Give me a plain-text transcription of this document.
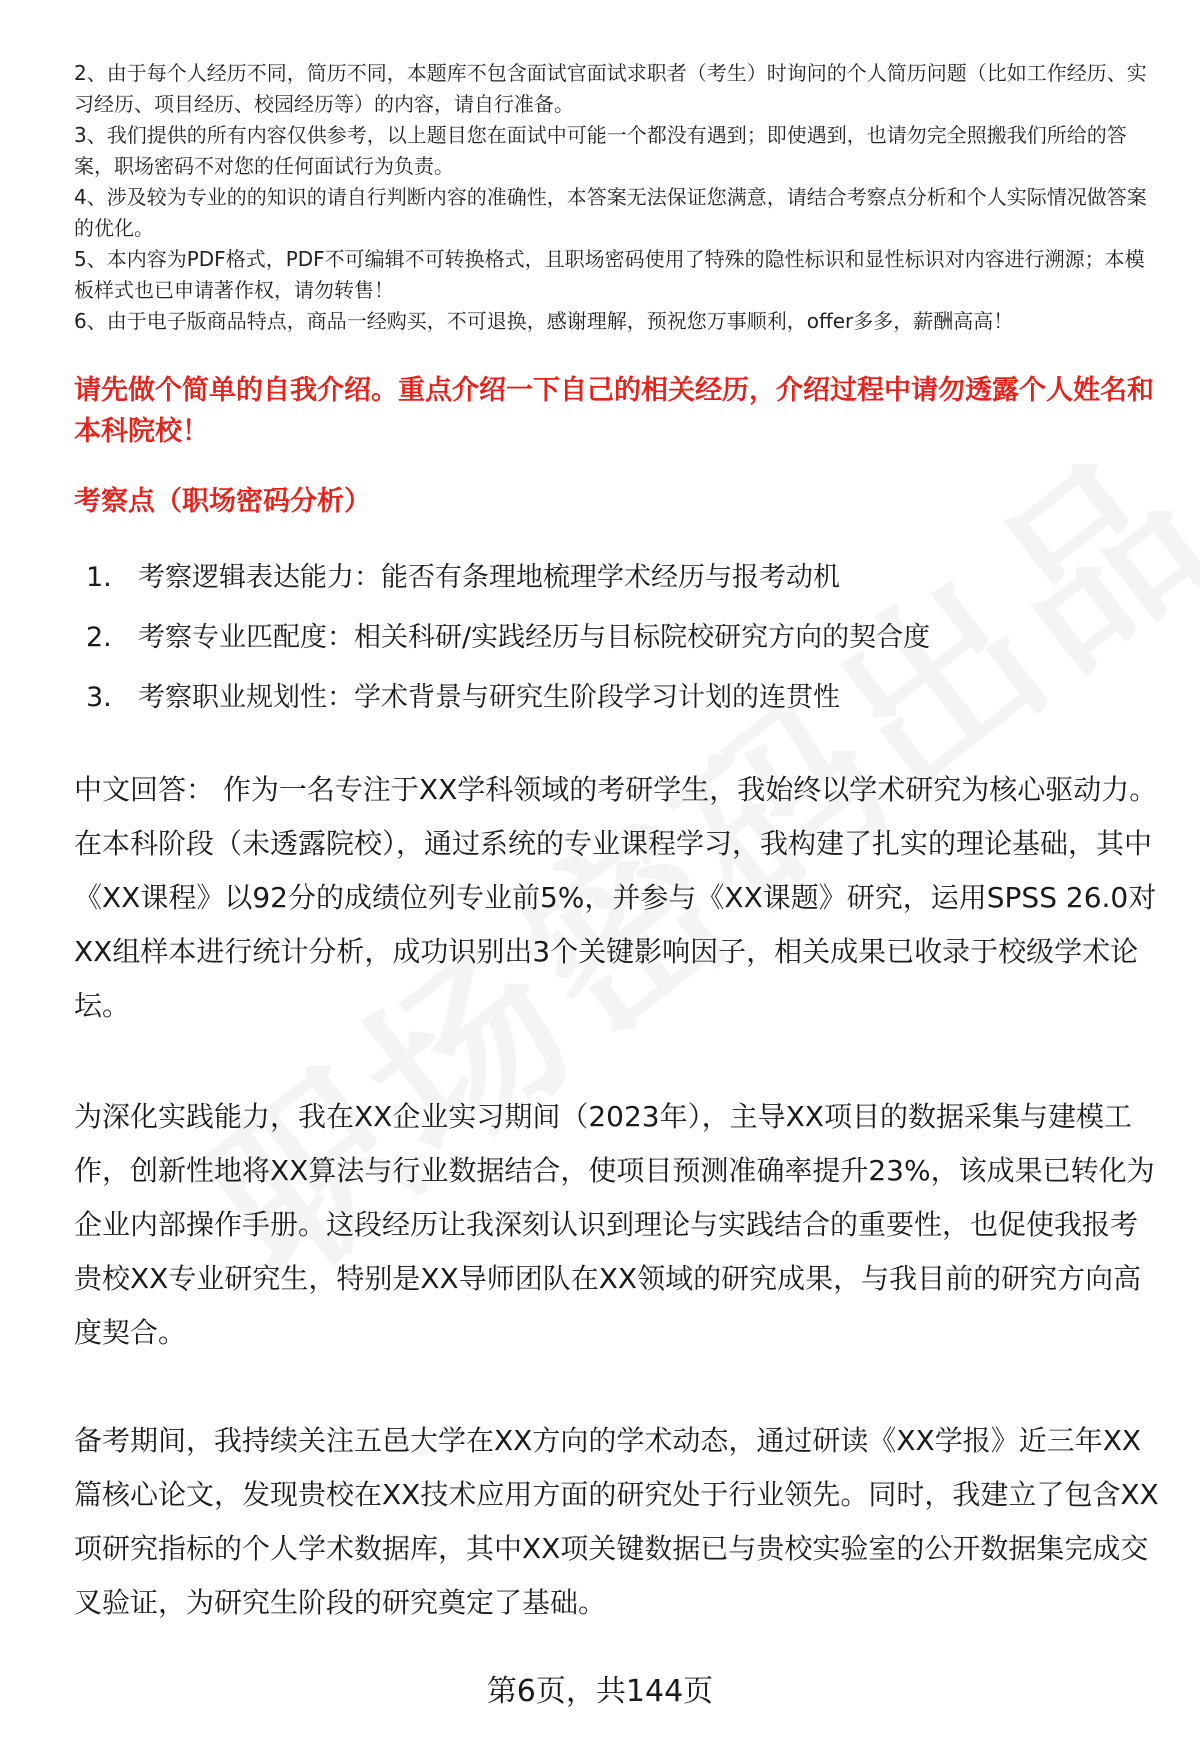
2、由于每个人经历不同，简历不同，本题库不包含面试官面试求职者（考生）时询问的个人简历问题（比如工作经历、实习经历、项目经历、校园经历等）的内容，请自行准备。

3、我们提供的所有内容仅供参考，以上题目您在面试中可能一个都没有遇到；即使遇到，也请勿完全照搬我们所给的答案，职场密码不对您的任何面试行为负责。

4、涉及较为专业的的知识的请自行判断内容的准确性，本答案无法保证您满意，请结合考察点分析和个人实际情况做答案的优化。

5、本内容为PDF格式，PDF不可编辑不可转换格式，且职场密码使用了特殊的隐性标识和显性标识对内容进行溯源；本模板样式也已申请著作权，请勿转售！

6、由于电子版商品特点，商品一经购买，不可退换，感谢理解，预祝您万事顺利，offer多多，薪酬高高！

请先做个简单的自我介绍。重点介绍一下自己的相关经历，介绍过程中请勿透露个人姓名和本科院校！
考察点（职场密码分析）
1. 考察逻辑表达能力：能否有条理地梳理学术经历与报考动机
2. 考察专业匹配度：相关科研/实践经历与目标院校研究方向的契合度
3. 考察职业规划性：学术背景与研究生阶段学习计划的连贯性

中文回答： 作为一名专注于XX学科领域的考研学生，我始终以学术研究为核心驱动力。在本科阶段（未透露院校），通过系统的专业课程学习，我构建了扎实的理论基础，其中《XX课程》以92分的成绩位列专业前5%，并参与《XX课题》研究，运用SPSS 26.0对XX组样本进行统计分析，成功识别出3个关键影响因子，相关成果已收录于校级学术论坛。

为深化实践能力，我在XX企业实习期间（2023年），主导XX项目的数据采集与建模工作，创新性地将XX算法与行业数据结合，使项目预测准确率提升23%，该成果已转化为企业内部操作手册。这段经历让我深刻认识到理论与实践结合的重要性，也促使我报考贵校XX专业研究生，特别是XX导师团队在XX领域的研究成果，与我目前的研究方向高度契合。

备考期间，我持续关注五邑大学在XX方向的学术动态，通过研读《XX学报》近三年XX篇核心论文，发现贵校在XX技术应用方面的研究处于行业领先。同时，我建立了包含XX项研究指标的个人学术数据库，其中XX项关键数据已与贵校实验室的公开数据集完成交叉验证，为研究生阶段的研究奠定了基础。

第6页，共144页
